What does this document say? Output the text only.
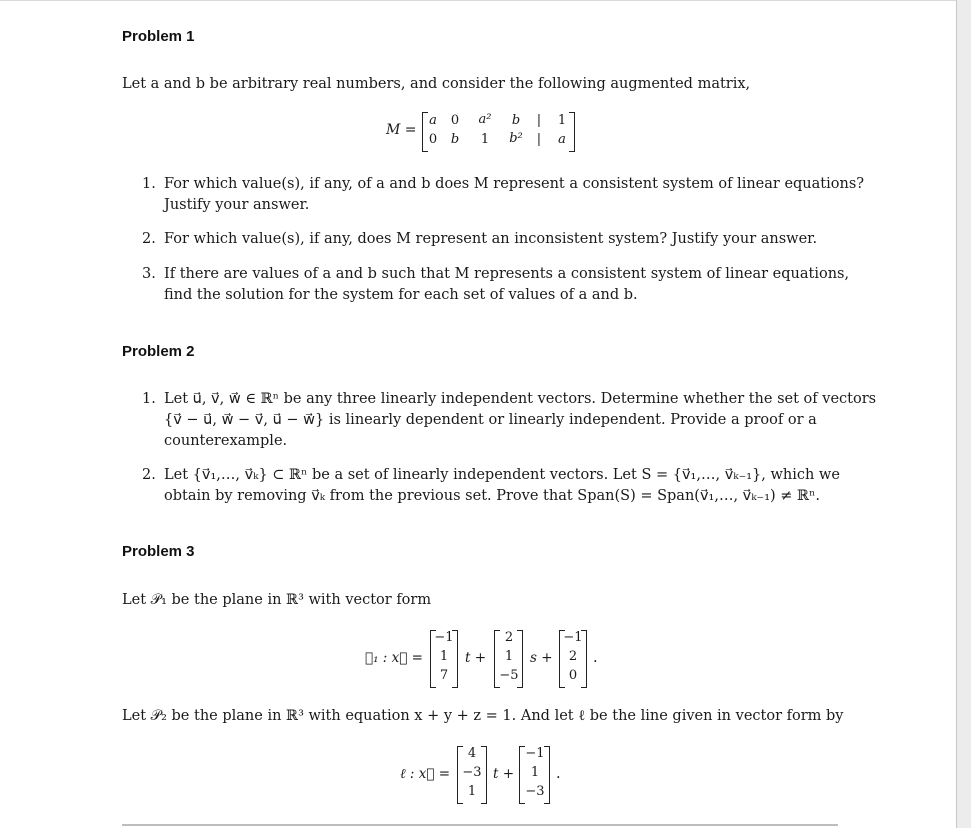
Problem 1
Let a and b be arbitrary real numbers, and consider the following augmented matrix,
M =
a 0	a²	b | 1
0 b 1 b² | a
1. For which value(s), if any, of a and b does M represent a consistent system of linear equations?
Justify your answer.
2. For which value(s), if any, does M represent an inconsistent system? Justify your answer.
3. If there are values of a and b such that M represents a consistent system of linear equations,
find the solution for the system for each set of values of a and b.
Problem 2
1. Let u⃗, v⃗, w⃗ ∈ ℝⁿ be any three linearly independent vectors. Determine whether the set of vectors
{v⃗ − u⃗, w⃗ − v⃗, u⃗ − w⃗} is linearly dependent or linearly independent. Provide a proof or a
counterexample.
2. Let {v⃗₁,…, v⃗ₖ} ⊂ ℝⁿ be a set of linearly independent vectors. Let S = {v⃗₁,…, v⃗ₖ₋₁}, which we
obtain by removing v⃗ₖ from the previous set. Prove that Span(S) = Span(v⃗₁,…, v⃗ₖ₋₁) ≠ ℝⁿ.
Problem 3
Let 𝒫₁ be the plane in ℝ³ with vector form
𝒫₁ : x⃗ =
−1
1
7
t +
2
1
−5
s +
−1
2
0
.
Let 𝒫₂ be the plane in ℝ³ with equation x + y + z = 1. And let ℓ be the line given in vector form by
ℓ : x⃗ =
4
−3
1
t +
−1
1
−3
.
